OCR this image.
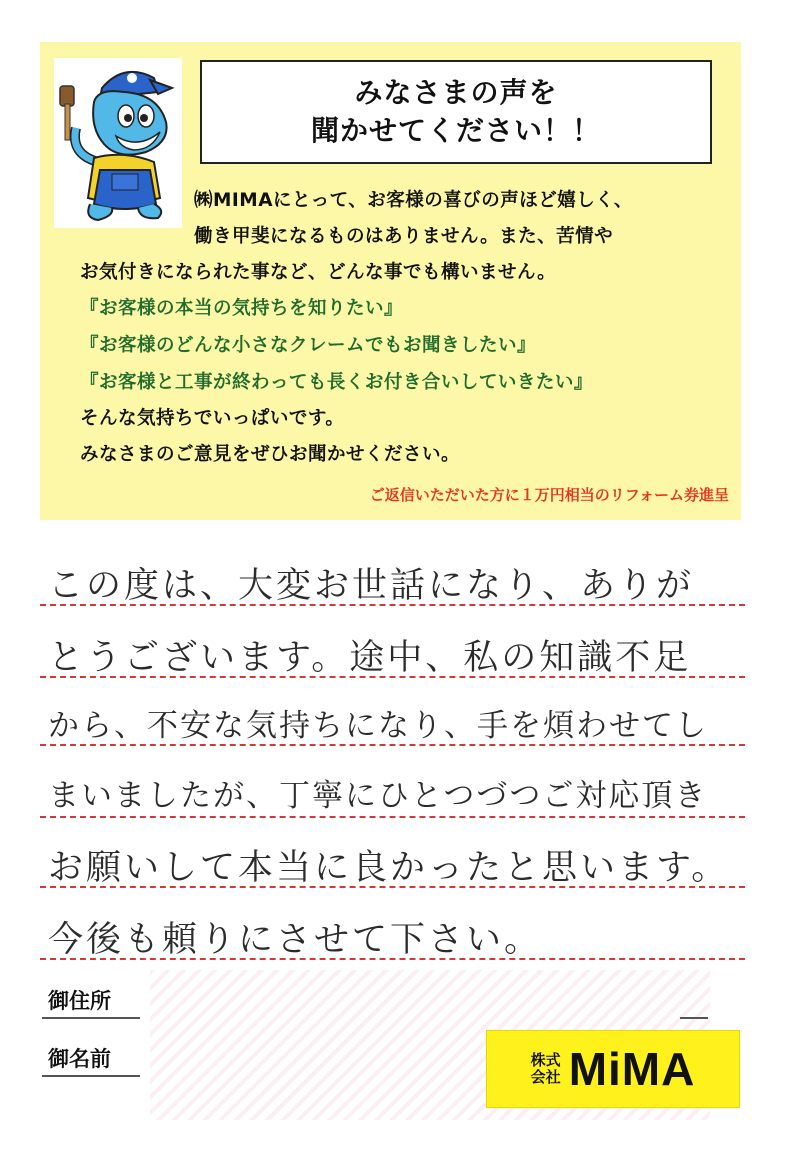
みなさまの声を
聞かせてください！！
㈱MIMAにとって、お客様の喜びの声ほど嬉しく、
働き甲斐になるものはありません。また、苦情や
お気付きになられた事など、どんな事でも構いません。
『お客様の本当の気持ちを知りたい』
『お客様のどんな小さなクレームでもお聞きしたい』
『お客様と工事が終わっても長くお付き合いしていきたい』
そんな気持ちでいっぱいです。
みなさまのご意見をぜひお聞かせください。
ご返信いただいた方に１万円相当のリフォーム券進呈
この度は、大変お世話になり、ありが
とうございます。途中、私の知識不足
から、不安な気持ちになり、手を煩わせてし
まいましたが、丁寧にひとつづつご対応頂き
お願いして本当に良かったと思います。
今後も頼りにさせて下さい。
御住所
御名前	株式
会社 MiMA
